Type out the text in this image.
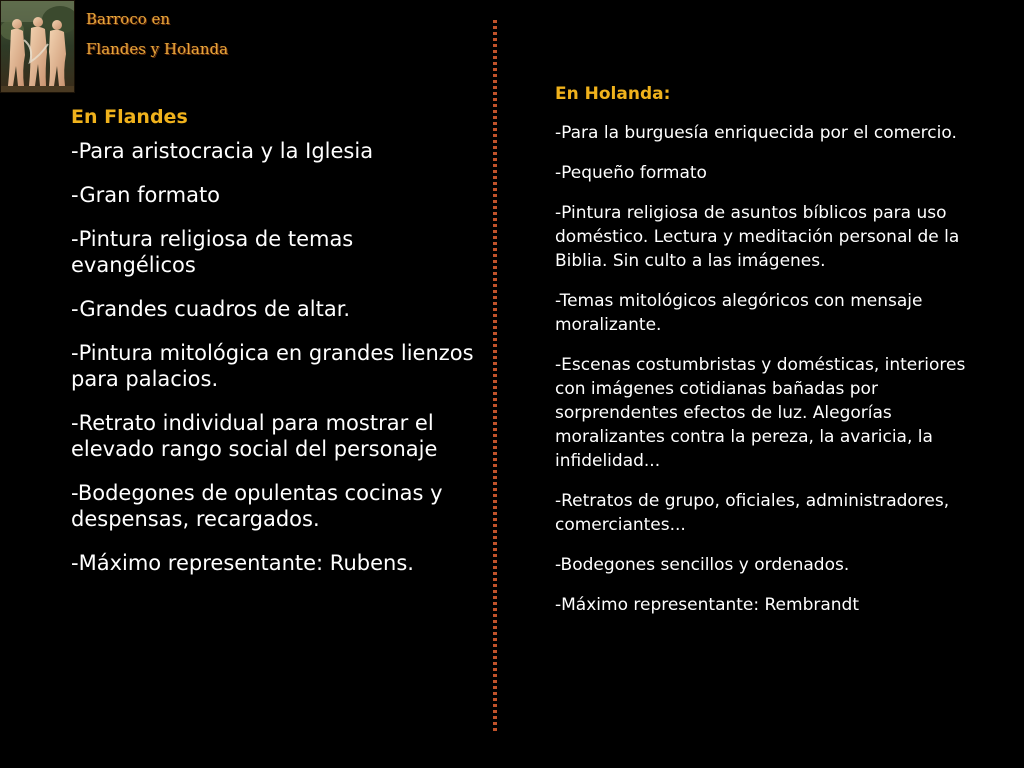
Barroco en
Flandes y Holanda
En Flandes
-Para aristocracia y la Iglesia
-Gran formato
-Pintura religiosa de temas evangélicos
-Grandes cuadros de altar.
-Pintura mitológica en grandes lienzos para palacios.
-Retrato individual para mostrar el elevado rango social del personaje
-Bodegones de opulentas cocinas y despensas, recargados.
-Máximo representante: Rubens.
En Holanda:
-Para la burguesía enriquecida por el comercio.
-Pequeño formato
-Pintura religiosa de asuntos bíblicos para uso doméstico. Lectura y meditación personal de la Biblia. Sin culto a las imágenes.
-Temas mitológicos alegóricos con mensaje moralizante.
-Escenas costumbristas y domésticas, interiores con imágenes cotidianas bañadas por sorprendentes efectos de luz. Alegorías moralizantes contra la pereza, la avaricia, la infidelidad...
-Retratos de grupo, oficiales, administradores, comerciantes...
-Bodegones sencillos y ordenados.
-Máximo representante: Rembrandt
